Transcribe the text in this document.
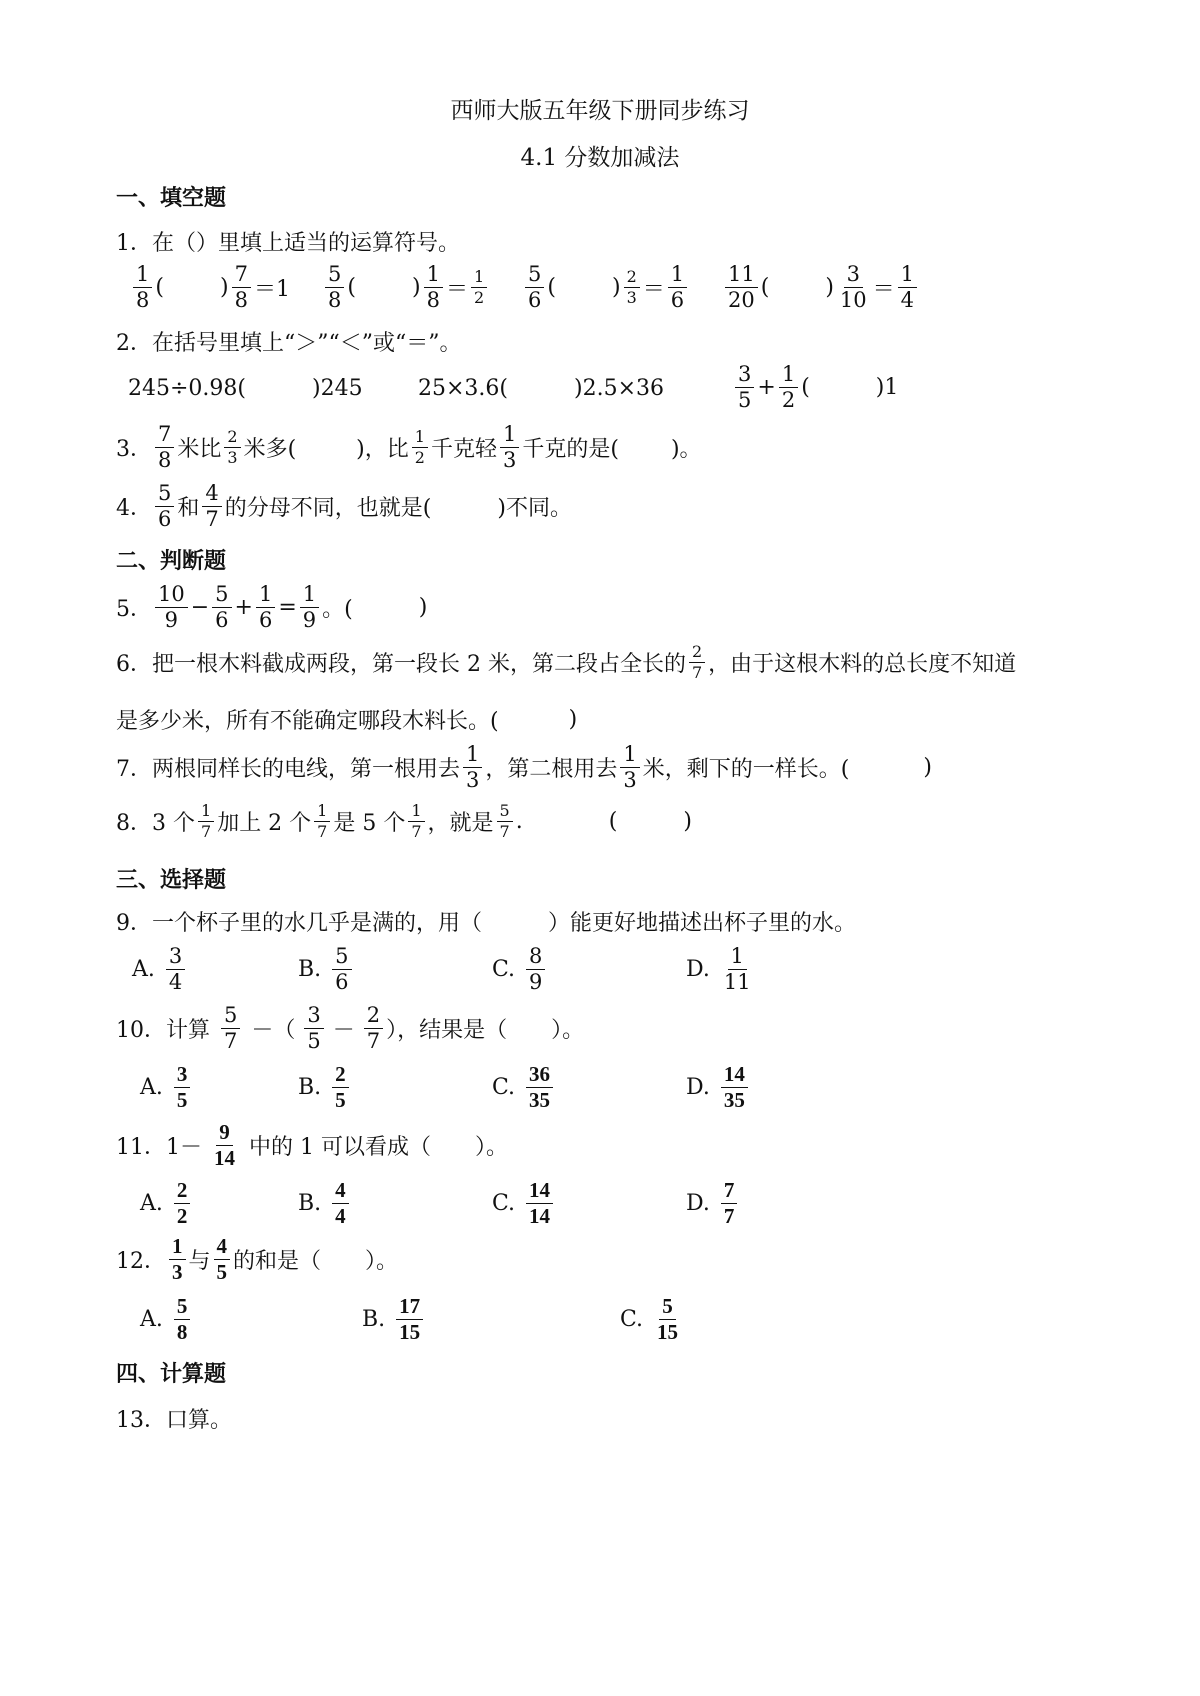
西师大版五年级下册同步练习
4.1 分数加减法
一、填空题
1．在（）里填上适当的运算符号。
$\frac{1}{8}$ (	) $\frac{7}{8} =1 \frac{5}{8}$ (	) $\frac{1}{8} = \frac{1}{2} \frac{5}{6}$ (	) $\frac{2}{3} = \frac{1}{6} \frac{11}{20}$ (	) $\frac{3}{10} = \frac{1}{4}$
2．在括号里填上“＞”“＜”或“＝”。
245÷0.98(	)245	25×3.6(	)2.5×36	$\frac{3}{5} + \frac{1}{2}$ (	)1
3． $\frac{7}{8}$ 米比 $\frac{2}{3}$ 米多(	)，比 $\frac{1}{2}$ 千克轻 $\frac{1}{3}$ 千克的是( )。
4． $\frac{5}{6}$ 和 $\frac{4}{7}$ 的分母不同，也就是(	)不同。
二、判断题
5． $\frac{10}{9} - \frac{5}{6} + \frac{1}{6} = \frac{1}{9}$ 。(	)
6．把一根木料截成两段，第一段长 2 米，第二段占全长的 $\frac{2}{7}$ ，由于这根木料的总长度不知道
是多少米，所有不能确定哪段木料长。(	)
7．两根同样长的电线，第一根用去 $\frac{1}{3}$ ，第二根用去 $\frac{1}{3}$ 米，剩下的一样长。(	)
8．3 个 $\frac{1}{7}$ 加上 2 个 $\frac{1}{7}$ 是 5 个 $\frac{1}{7}$ ，就是 $\frac{5}{7}$ .	(	)
三、选择题
9．一个杯子里的水几乎是满的，用（　　　）能更好地描述出杯子里的水。
A. $\frac{3}{4}$	B. $\frac{5}{6}$	C. $\frac{8}{9}$	D. $\frac{1}{11}$
10．计算 $\frac{5}{7}$ －（ $\frac{3}{5} - \frac{2}{7}$ ），结果是（　　）。
A. $\frac{3}{5}$	B. $\frac{2}{5}$	C. $\frac{36}{35}$	D. $\frac{14}{35}$
11．$1- \frac{9}{14}$ 中的 1 可以看成（　　）。
A. $\frac{2}{2}$	B. $\frac{4}{4}$	C. $\frac{14}{14}$	D. $\frac{7}{7}$
12． $\frac{1}{3}$ 与 $\frac{4}{5}$ 的和是（　　）。
A. $\frac{5}{8}$	B. $\frac{17}{15}$	C. $\frac{5}{15}$
四、计算题
13．口算。
